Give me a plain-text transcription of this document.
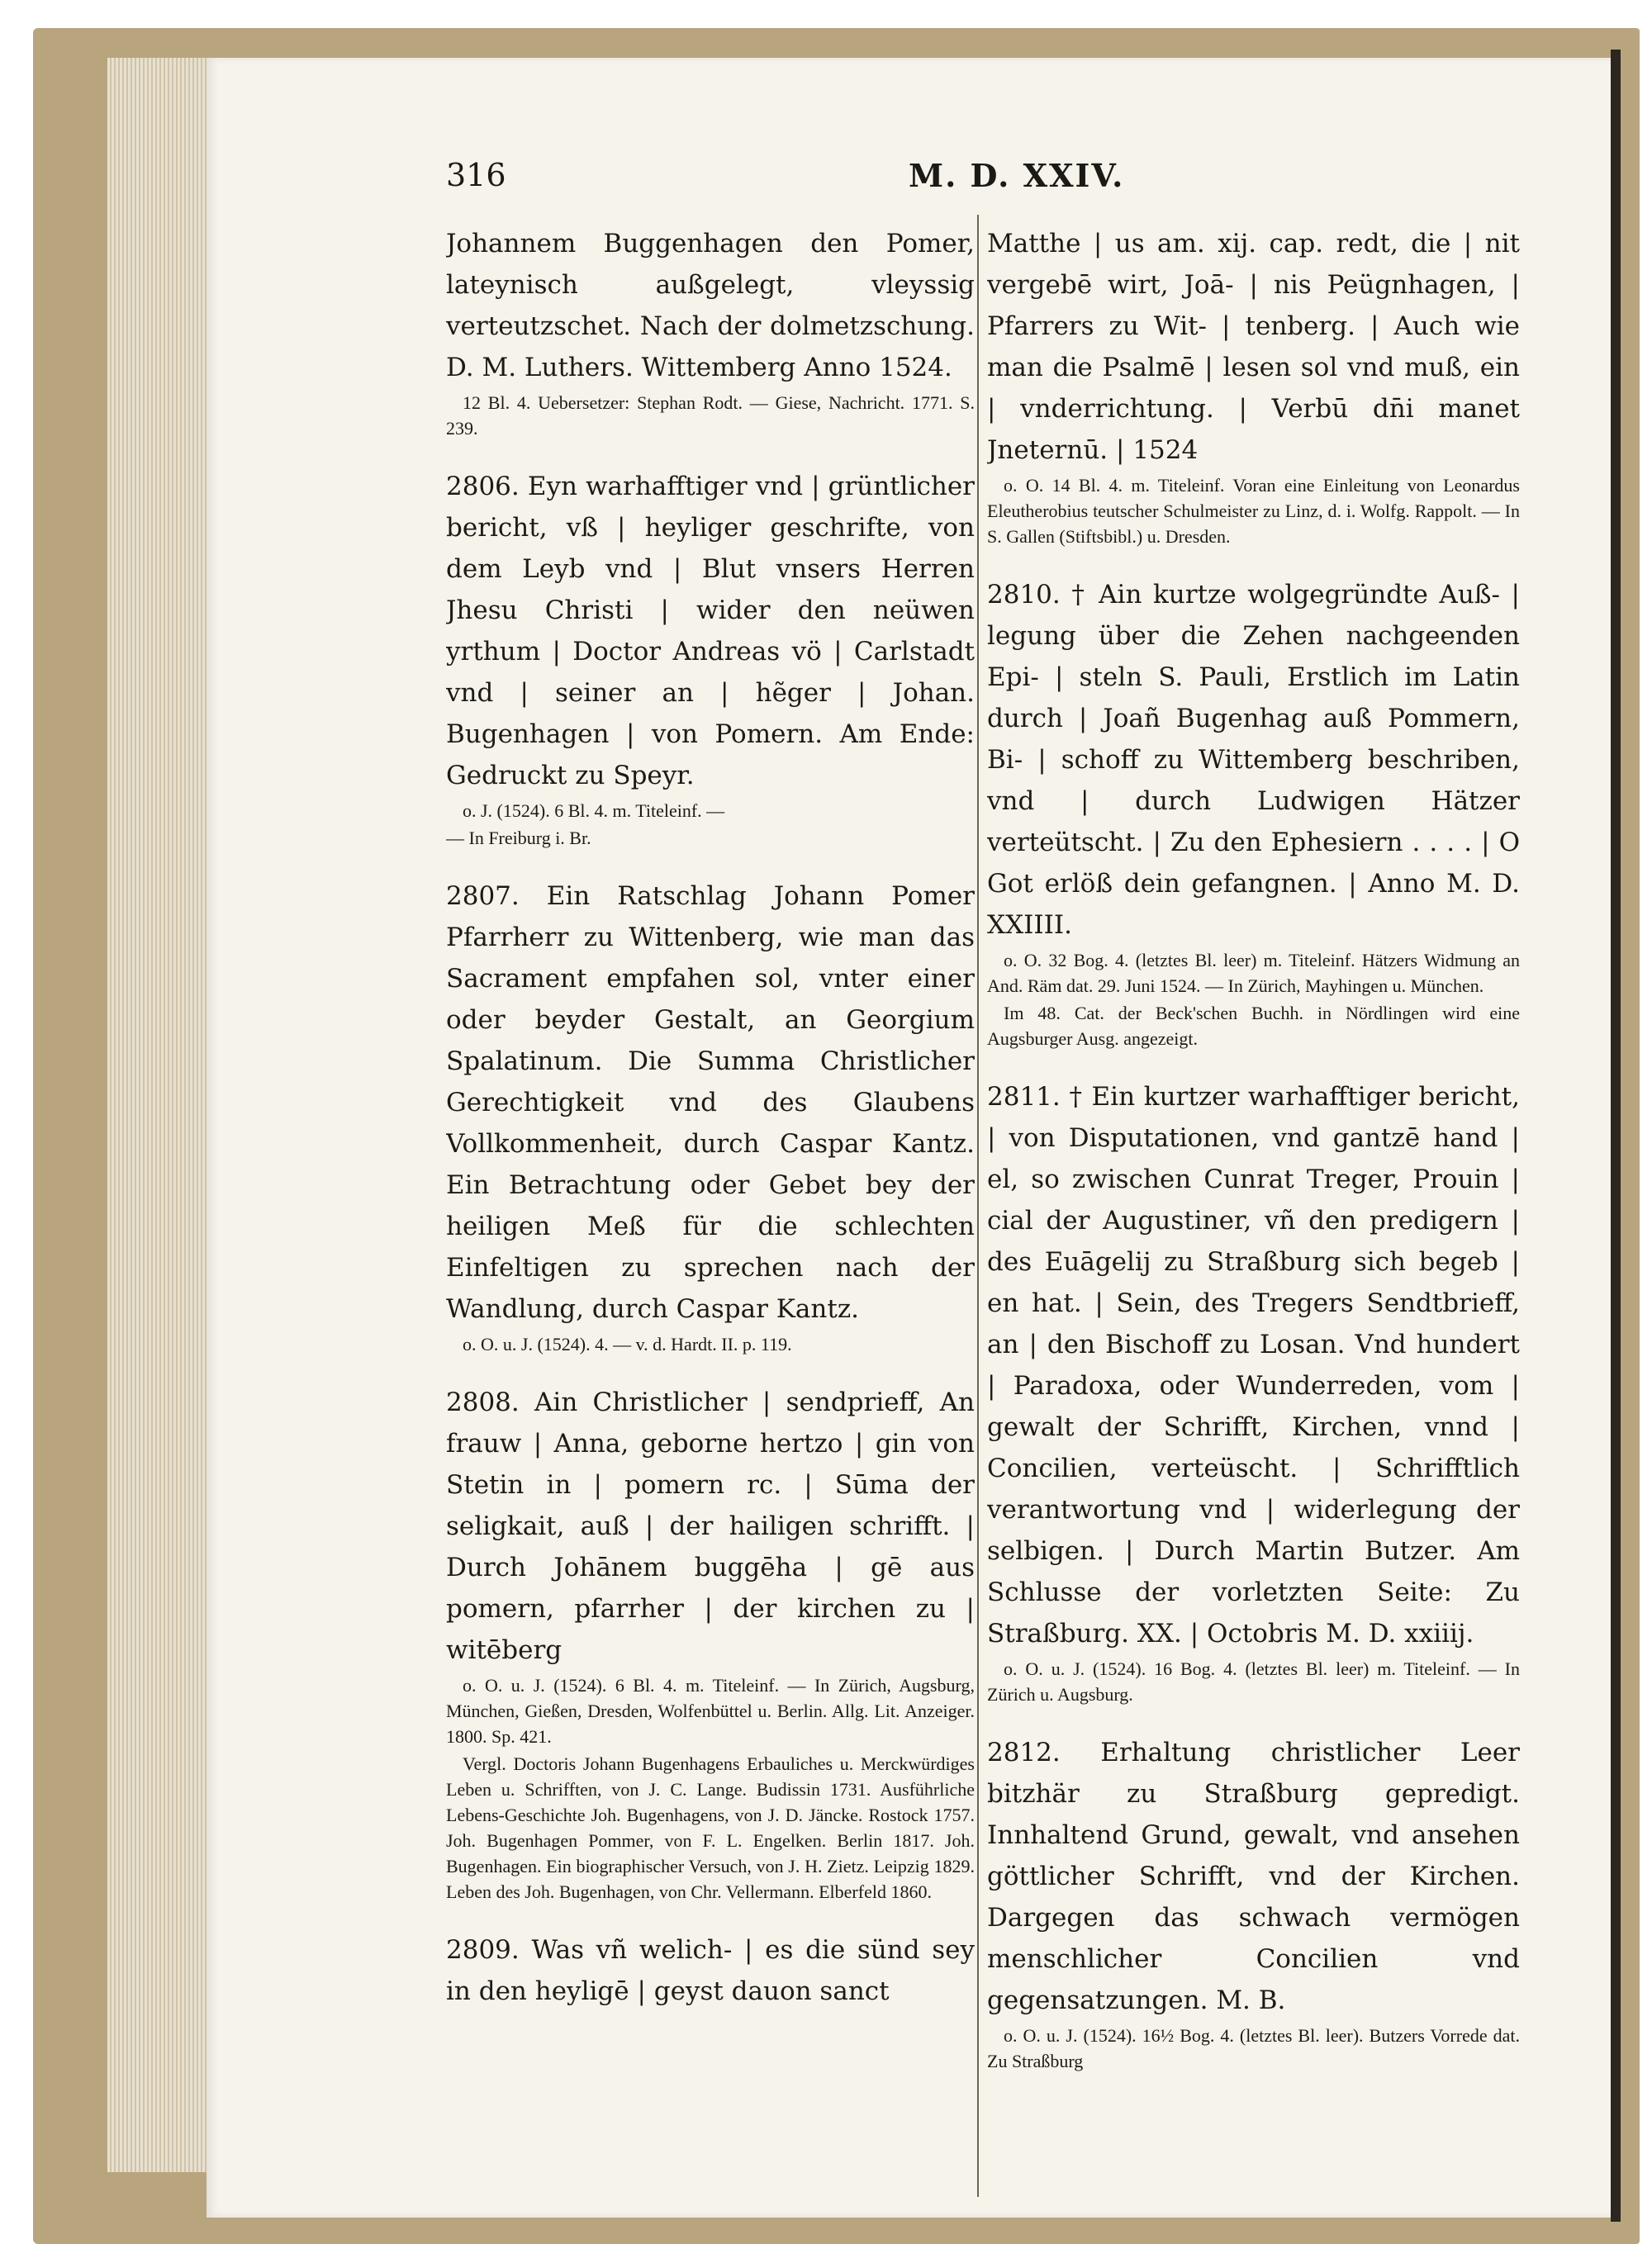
316	M. D. XXIV.

Johannem Buggenhagen den Pomer, lateynisch außgelegt, vleyssig verteutzschet. Nach der dolmetzschung. D. M. Luthers. Wittemberg Anno 1524.

12 Bl. 4. Uebersetzer: Stephan Rodt. — Giese, Nachricht. 1771. S. 239.

2806. Eyn warhafftiger vnd | grüntlicher bericht, vß | heyliger geschrifte, von dem Leyb vnd | Blut vnsers Herren Jhesu Christi | wider den neüwen yrthum | Doctor Andreas vö | Carlstadt vnd | seiner an | hẽger | Johan. Bugenhagen | von Pomern. Am Ende: Gedruckt zu Speyr.

o. J. (1524). 6 Bl. 4. m. Titeleinf. —

— In Freiburg i. Br.

2807. Ein Ratschlag Johann Pomer Pfarrherr zu Wittenberg, wie man das Sacrament empfahen sol, vnter einer oder beyder Gestalt, an Georgium Spalatinum. Die Summa Christlicher Gerechtigkeit vnd des Glaubens Vollkommenheit, durch Caspar Kantz. Ein Betrachtung oder Gebet bey der heiligen Meß für die schlechten Einfeltigen zu sprechen nach der Wandlung, durch Caspar Kantz.

o. O. u. J. (1524). 4. — v. d. Hardt. II. p. 119.

2808. Ain Christlicher | sendprieff, An frauw | Anna, geborne hertzo | gin von Stetin in | pomern rc. | Sūma der seligkait, auß | der hailigen schrifft. | Durch Johānem buggēha | gē aus pomern, pfarrher | der kirchen zu | witēberg

o. O. u. J. (1524). 6 Bl. 4. m. Titeleinf. — In Zürich, Augsburg, München, Gießen, Dresden, Wolfenbüttel u. Berlin. Allg. Lit. Anzeiger. 1800. Sp. 421.

Vergl. Doctoris Johann Bugenhagens Erbauliches u. Merckwürdiges Leben u. Schrifften, von J. C. Lange. Budissin 1731. Ausführliche Lebens-Geschichte Joh. Bugenhagens, von J. D. Jäncke. Rostock 1757. Joh. Bugenhagen Pommer, von F. L. Engelken. Berlin 1817. Joh. Bugenhagen. Ein biographischer Versuch, von J. H. Zietz. Leipzig 1829. Leben des Joh. Bugenhagen, von Chr. Vellermann. Elberfeld 1860.

2809. Was vñ welich- | es die sünd sey in den heyligē | geyst dauon sanct

Matthe | us am. xij. cap. redt, die | nit vergebē wirt, Joā- | nis Peügnhagen, | Pfarrers zu Wit- | tenberg. | Auch wie man die Psalmē | lesen sol vnd muß, ein | vnderrichtung. | Verbū dn̄i manet Jneternū. | 1524

o. O. 14 Bl. 4. m. Titeleinf. Voran eine Einleitung von Leonardus Eleutherobius teutscher Schulmeister zu Linz, d. i. Wolfg. Rappolt. — In S. Gallen (Stiftsbibl.) u. Dresden.

2810. † Ain kurtze wolgegründte Auß- | legung über die Zehen nachgeenden Epi- | steln S. Pauli, Erstlich im Latin durch | Joañ Bugenhag auß Pommern, Bi- | schoff zu Wittemberg beschriben, vnd | durch Ludwigen Hätzer verteütscht. | Zu den Ephesiern . . . . | O Got erlöß dein gefangnen. | Anno M. D. XXIIII.

o. O. 32 Bog. 4. (letztes Bl. leer) m. Titeleinf. Hätzers Widmung an And. Räm dat. 29. Juni 1524. — In Zürich, Mayhingen u. München.

Im 48. Cat. der Beck'schen Buchh. in Nördlingen wird eine Augsburger Ausg. angezeigt.

2811. † Ein kurtzer warhafftiger bericht, | von Disputationen, vnd gantzē hand | el, so zwischen Cunrat Treger, Prouin | cial der Augustiner, vñ den predigern | des Euāgelij zu Straßburg sich begeb | en hat. | Sein, des Tregers Sendtbrieff, an | den Bischoff zu Losan. Vnd hundert | Paradoxa, oder Wunderreden, vom | gewalt der Schrifft, Kirchen, vnnd | Concilien, verteüscht. | Schrifftlich verantwortung vnd | widerlegung der selbigen. | Durch Martin Butzer. Am Schlusse der vorletzten Seite: Zu Straßburg. XX. | Octobris M. D. xxiiij.

o. O. u. J. (1524). 16 Bog. 4. (letztes Bl. leer) m. Titeleinf. — In Zürich u. Augsburg.

2812. Erhaltung christlicher Leer bitzhär zu Straßburg gepredigt. Innhaltend Grund, gewalt, vnd ansehen göttlicher Schrifft, vnd der Kirchen. Dargegen das schwach vermögen menschlicher Concilien vnd gegensatzungen. M. B.

o. O. u. J. (1524). 16½ Bog. 4. (letztes Bl. leer). Butzers Vorrede dat. Zu Straßburg
